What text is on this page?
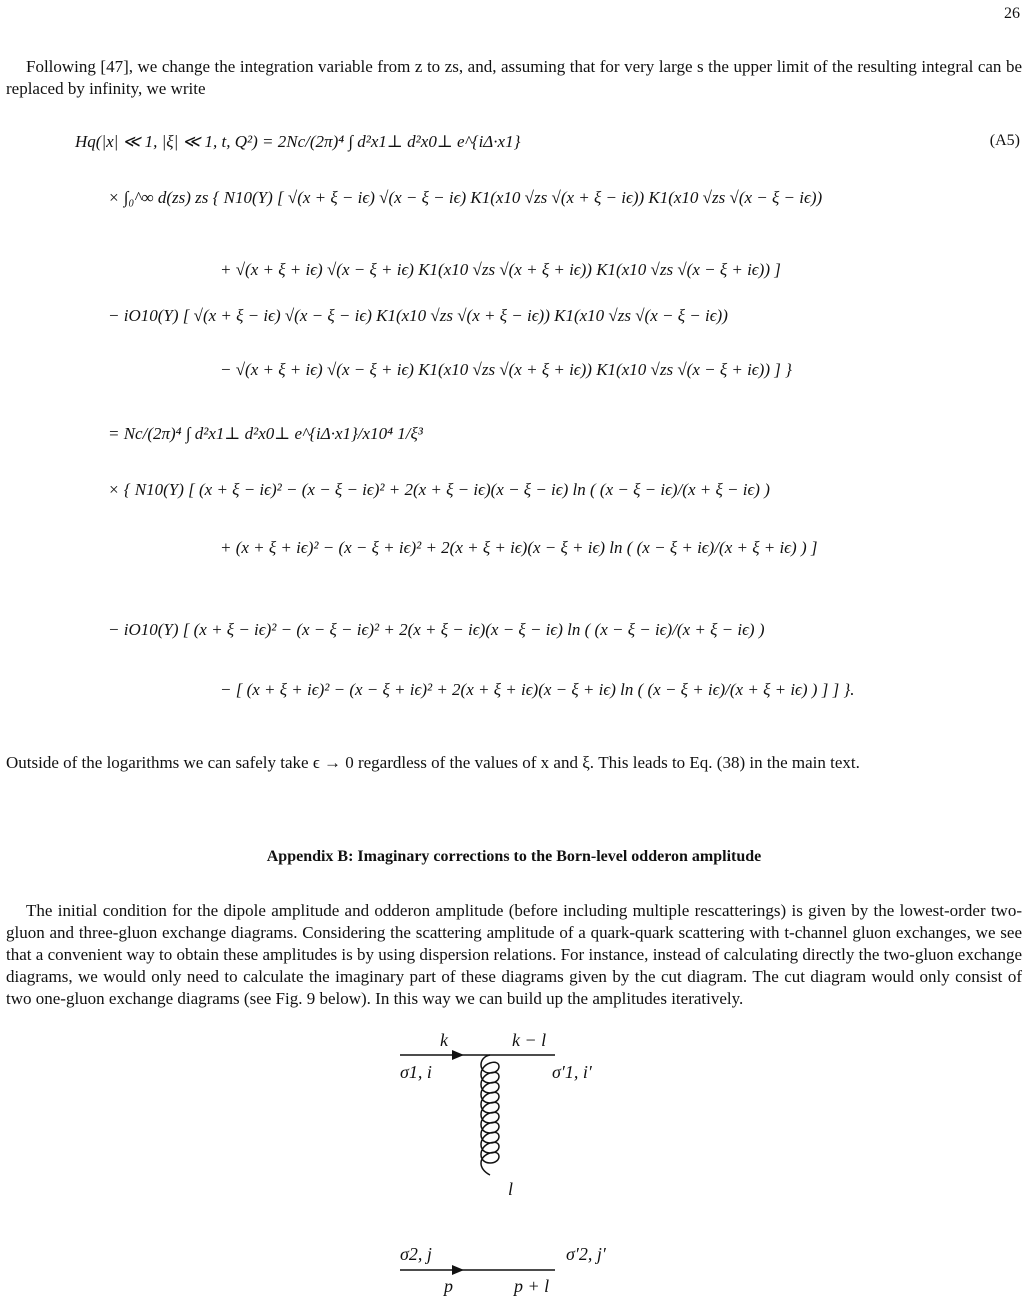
26

Following [47], we change the integration variable from z to zs, and, assuming that for very large s the upper limit of the resulting integral can be replaced by infinity, we write

Hq(|x| ≪ 1, |ξ| ≪ 1, t, Q²) = 2Nc/(2π)⁴ ∫ d²x1⊥ d²x0⊥ e^{iΔ·x1}
× ∫₀^∞ d(zs) zs { N10(Y) [ √(x + ξ − iϵ) √(x − ξ − iϵ) K1(x10 √zs √(x + ξ − iϵ)) K1(x10 √zs √(x − ξ − iϵ))
+ √(x + ξ + iϵ) √(x − ξ + iϵ) K1(x10 √zs √(x + ξ + iϵ)) K1(x10 √zs √(x − ξ + iϵ)) ]
− iO10(Y) [ √(x + ξ − iϵ) √(x − ξ − iϵ) K1(x10 √zs √(x + ξ − iϵ)) K1(x10 √zs √(x − ξ − iϵ))
− √(x + ξ + iϵ) √(x − ξ + iϵ) K1(x10 √zs √(x + ξ + iϵ)) K1(x10 √zs √(x − ξ + iϵ)) ] }
= Nc/(2π)⁴ ∫ d²x1⊥ d²x0⊥ e^{iΔ·x1}/x10⁴ 1/ξ³
× { N10(Y) [ (x + ξ − iϵ)² − (x − ξ − iϵ)² + 2(x + ξ − iϵ)(x − ξ − iϵ) ln ( (x − ξ − iϵ)/(x + ξ − iϵ) )
+ (x + ξ + iϵ)² − (x − ξ + iϵ)² + 2(x + ξ + iϵ)(x − ξ + iϵ) ln ( (x − ξ + iϵ)/(x + ξ + iϵ) ) ]
− iO10(Y) [ (x + ξ − iϵ)² − (x − ξ − iϵ)² + 2(x + ξ − iϵ)(x − ξ − iϵ) ln ( (x − ξ − iϵ)/(x + ξ − iϵ) )
− [ (x + ξ + iϵ)² − (x − ξ + iϵ)² + 2(x + ξ + iϵ)(x − ξ + iϵ) ln ( (x − ξ + iϵ)/(x + ξ + iϵ) ) ] ] }.
(A5)

Outside of the logarithms we can safely take ϵ → 0 regardless of the values of x and ξ. This leads to Eq. (38) in the main text.

Appendix B: Imaginary corrections to the Born-level odderon amplitude

The initial condition for the dipole amplitude and odderon amplitude (before including multiple rescatterings) is given by the lowest-order two-gluon and three-gluon exchange diagrams. Considering the scattering amplitude of a quark-quark scattering with t-channel gluon exchanges, we see that a convenient way to obtain these amplitudes is by using dispersion relations. For instance, instead of calculating directly the two-gluon exchange diagrams, we would only need to calculate the imaginary part of these diagrams given by the cut diagram. The cut diagram would only consist of two one-gluon exchange diagrams (see Fig. 9 below). In this way we can build up the amplitudes iteratively.

k	k − l
σ1, i	σ′1, i′
l
σ2, j	σ′2, j′
p	p + l
